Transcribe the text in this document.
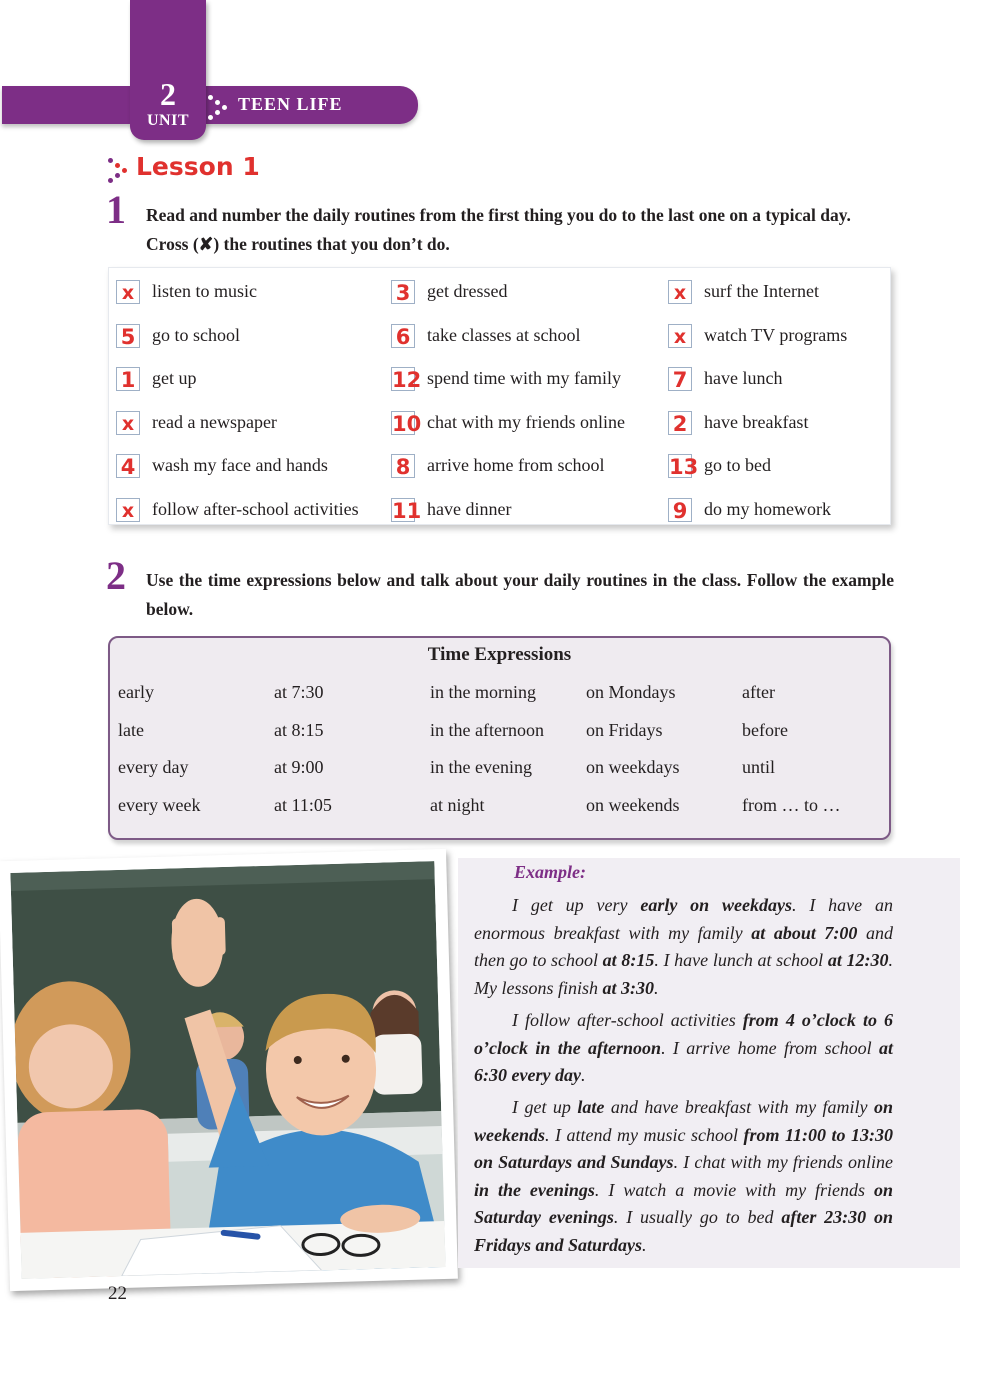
2
UNIT
TEEN LIFE
Lesson 1
1 Read and number the daily routines from the first thing you do to the last one on a typical day.
Cross (✘) the routines that you don’t do.
x listen to music
5 go to school
1 get up
x read a newspaper
4 wash my face and hands
x follow after-school activities
3 get dressed
6 take classes at school
12 spend time with my family
10 chat with my friends online
8 arrive home from school
11 have dinner
x surf the Internet
x watch TV programs
7 have lunch
2 have breakfast
13 go to bed
9 do my homework
2 Use the time expressions below and talk about your daily routines in the class. Follow the example below.
Time Expressions
early
late
every day
every week
at 7:30
at 8:15
at 9:00
at 11:05
in the morning
in the afternoon
in the evening
at night
on Mondays
on Fridays
on weekdays
on weekends
after
before
until
from … to …
Example:

I get up very early on weekdays. I have an enormous breakfast with my family at about 7:00 and then go to school at 8:15. I have lunch at school at 12:30. My lessons finish at 3:30.

I follow after-school activities from 4 o’clock to 6 o’clock in the afternoon. I arrive home from school at 6:30 every day.

I get up late and have breakfast with my family on weekends. I attend my music school from 11:00 to 13:30 on Saturdays and Sundays. I chat with my friends online in the evenings. I watch a movie with my friends on Saturday evenings. I usually go to bed after 23:30 on Fridays and Saturdays.

22
